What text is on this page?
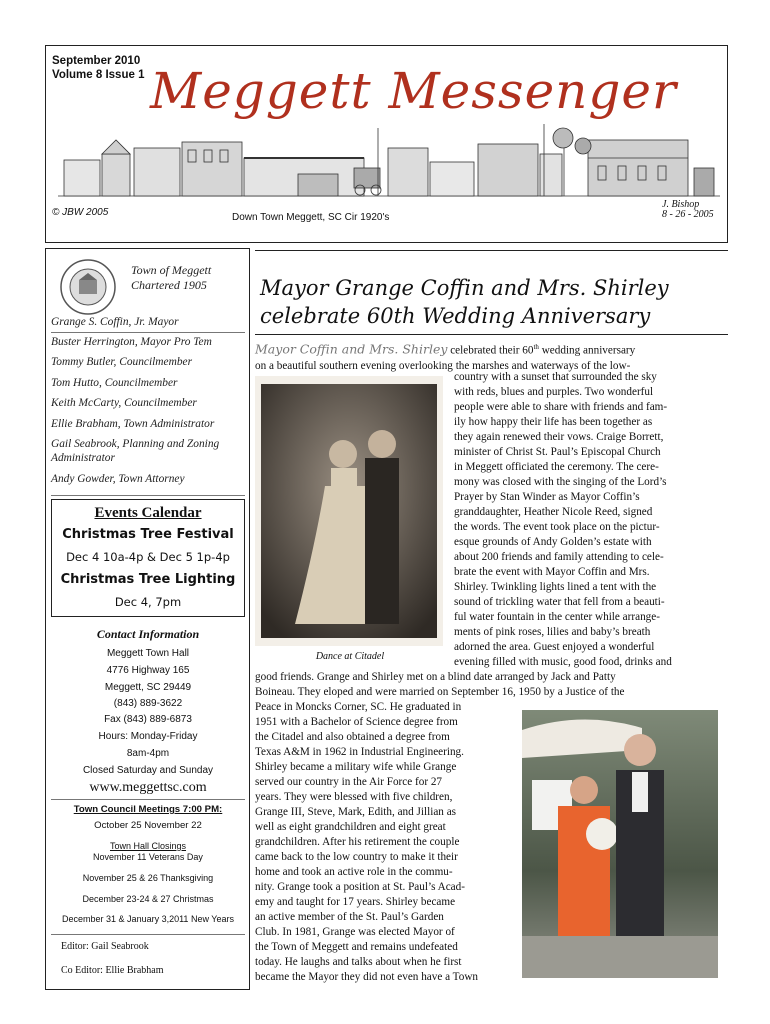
September 2010
Volume 8 Issue 1 Meggett Messenger
© JBW 2005	Down Town Meggett, SC Cir 1920's
J. Bishop
8 - 26 - 2005
Town of Meggett
Chartered 1905
Grange S. Coffin, Jr. Mayor
Buster Herrington, Mayor Pro Tem
Tommy Butler, Councilmember
Tom Hutto, Councilmember
Keith McCarty, Councilmember
Ellie Brabham, Town Administrator
Gail Seabrook, Planning and Zoning
Administrator
Andy Gowder, Town Attorney
Events Calendar
Christmas Tree Festival
Dec 4 10a-4p & Dec 5 1p-4p
Christmas Tree Lighting
Dec 4, 7pm
Contact Information
Meggett Town Hall
4776 Highway 165
Meggett, SC 29449
(843) 889-3622
Fax (843) 889-6873
Hours: Monday-Friday
8am-4pm
Closed Saturday and Sunday
www.meggettsc.com
Town Council Meetings 7:00 PM:
October 25 November 22
Town Hall Closings
November 11 Veterans Day
November 25 & 26 Thanksgiving
December 23-24 & 27 Christmas
December 31 & January 3,2011 New Years
Editor: Gail Seabrook
Co Editor: Ellie Brabham
Mayor Grange Coffin and Mrs. Shirley
celebrate 60th Wedding Anniversary
Mayor Coffin and Mrs. Shirley celebrated their 60th wedding anniversary
on a beautiful southern evening overlooking the marshes and waterways of the low-
Dance at Citadel
country with a sunset that surrounded the sky
with reds, blues and purples. Two wonderful
people were able to share with friends and fam-
ily how happy their life has been together as
they again renewed their vows. Craige Borrett,
minister of Christ St. Paul’s Episcopal Church
in Meggett officiated the ceremony. The cere-
mony was closed with the singing of the Lord’s
Prayer by Stan Winder as Mayor Coffin’s
granddaughter, Heather Nicole Reed, signed
the words. The event took place on the pictur-
esque grounds of Andy Golden’s estate with
about 200 friends and family attending to cele-
brate the event with Mayor Coffin and Mrs.
Shirley. Twinkling lights lined a tent with the
sound of trickling water that fell from a beauti-
ful water fountain in the center while arrange-
ments of pink roses, lilies and baby’s breath
adorned the area. Guest enjoyed a wonderful
evening filled with music, good food, drinks and
good friends. Grange and Shirley met on a blind date arranged by Jack and Patty
Boineau. They eloped and were married on September 16, 1950 by a Justice of the
Peace in Moncks Corner, SC. He graduated in
1951 with a Bachelor of Science degree from
the Citadel and also obtained a degree from
Texas A&M in 1962 in Industrial Engineering.
Shirley became a military wife while Grange
served our country in the Air Force for 27
years. They were blessed with five children,
Grange III, Steve, Mark, Edith, and Jillian as
well as eight grandchildren and eight great
grandchildren. After his retirement the couple
came back to the low country to make it their
home and took an active role in the commu-
nity. Grange took a position at St. Paul’s Acad-
emy and taught for 17 years. Shirley became
an active member of the St. Paul’s Garden
Club. In 1981, Grange was elected Mayor of
the Town of Meggett and remains undefeated
today. He laughs and talks about when he first
became the Mayor they did not even have a Town
